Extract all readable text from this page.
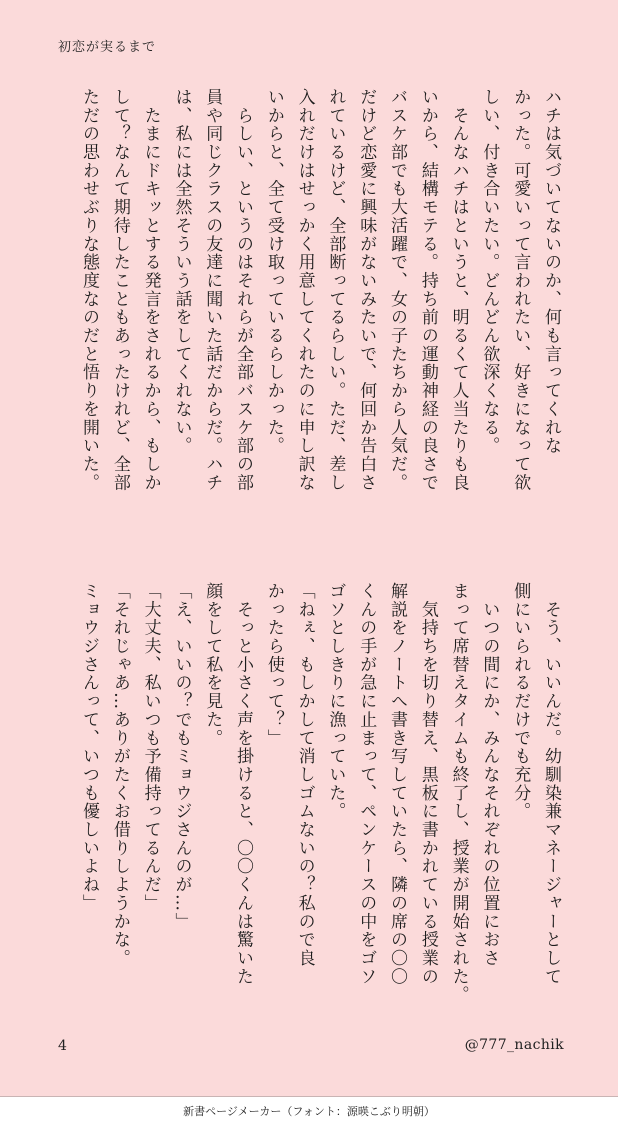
初恋が実るまで
ハチは気づいてないのか、何も言ってくれな
かった。可愛いって言われたい、好きになって欲
しい、付き合いたい。どんどん欲深くなる。
　そんなハチはというと、明るくて人当たりも良
いから、結構モテる。持ち前の運動神経の良さで
バスケ部でも大活躍で、女の子たちから人気だ。
だけど恋愛に興味がないみたいで、何回か告白さ
れているけど、全部断ってるらしい。ただ、差し
入れだけはせっかく用意してくれたのに申し訳な
いからと、全て受け取っているらしかった。
　らしい、というのはそれらが全部バスケ部の部
員や同じクラスの友達に聞いた話だからだ。ハチ
は、私には全然そういう話をしてくれない。
　たまにドキッとする発言をされるから、もしか
して？なんて期待したこともあったけれど、全部
ただの思わせぶりな態度なのだと悟りを開いた。
　そう、いいんだ。幼馴染兼マネージャーとして
側にいられるだけでも充分。
　いつの間にか、みんなそれぞれの位置におさ
まって席替えタイムも終了し、授業が開始された。
　気持ちを切り替え、黒板に書かれている授業の
解説をノートへ書き写していたら、隣の席の〇〇
くんの手が急に止まって、ペンケースの中をゴソ
ゴソとしきりに漁っていた。
「ねぇ、もしかして消しゴムないの？私ので良
かったら使って？」
　そっと小さく声を掛けると、〇〇くんは驚いた
顔をして私を見た。
「え、いいの？でもミョウジさんのが…」
「大丈夫、私いつも予備持ってるんだ」
「それじゃあ…ありがたくお借りしようかな。
ミョウジさんって、いつも優しいよね」
4	@777_nachik
新書ページメーカー（フォント：源暎こぶり明朝）
